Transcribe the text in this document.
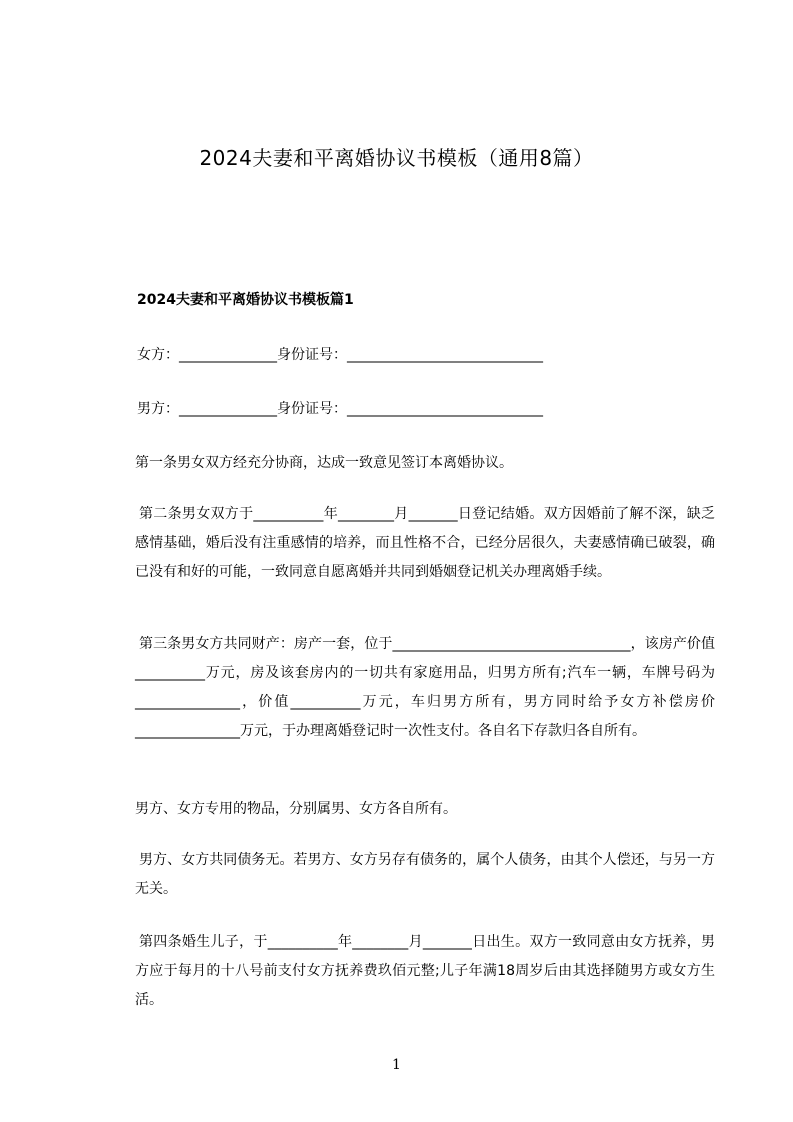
2024夫妻和平离婚协议书模板（通用8篇）
2024夫妻和平离婚协议书模板篇1
女方：______________身份证号：____________________________
男方：______________身份证号：____________________________
第一条男女双方经充分协商，达成一致意见签订本离婚协议。
第二条男女双方于__________年________月_______日登记结婚。双方因婚前了解不深，缺乏感情基础，婚后没有注重感情的培养，而且性格不合，已经分居很久，夫妻感情确已破裂，确已没有和好的可能，一致同意自愿离婚并共同到婚姻登记机关办理离婚手续。
第三条男女方共同财产：房产一套，位于__________________________________，该房产价值__________万元，房及该套房内的一切共有家庭用品，归男方所有;汽车一辆，车牌号码为_______________，价值__________万元，车归男方所有，男方同时给予女方补偿房价_______________万元，于办理离婚登记时一次性支付。各自名下存款归各自所有。
男方、女方专用的物品，分别属男、女方各自所有。
男方、女方共同债务无。若男方、女方另存有债务的，属个人债务，由其个人偿还，与另一方无关。
第四条婚生儿子，于__________年________月_______日出生。双方一致同意由女方抚养，男方应于每月的十八号前支付女方抚养费玖佰元整;儿子年满18周岁后由其选择随男方或女方生活。
1
